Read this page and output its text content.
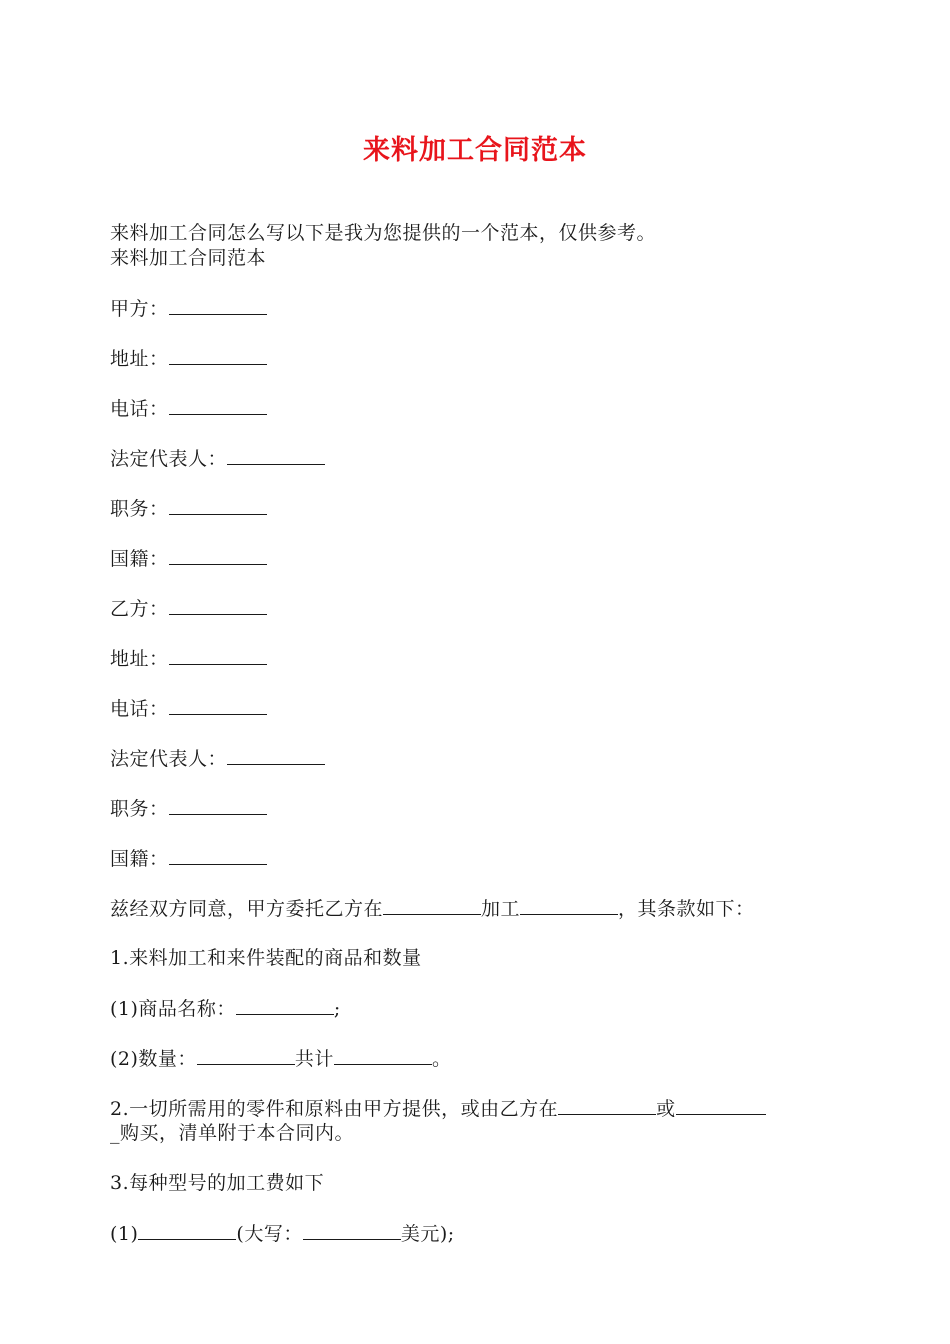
来料加工合同范本
来料加工合同怎么写以下是我为您提供的一个范本，仅供参考。
来料加工合同范本
甲方：
地址：
电话：
法定代表人：
职务：
国籍：
乙方：
地址：
电话：
法定代表人：
职务：
国籍：
兹经双方同意，甲方委托乙方在	加工	，其条款如下：
1.来料加工和来件装配的商品和数量
(1)商品名称：	;
(2)数量：	共计	。
2.一切所需用的零件和原料由甲方提供，或由乙方在	或
_购买，清单附于本合同内。
3.每种型号的加工费如下
(1)	(大写：	美元);
